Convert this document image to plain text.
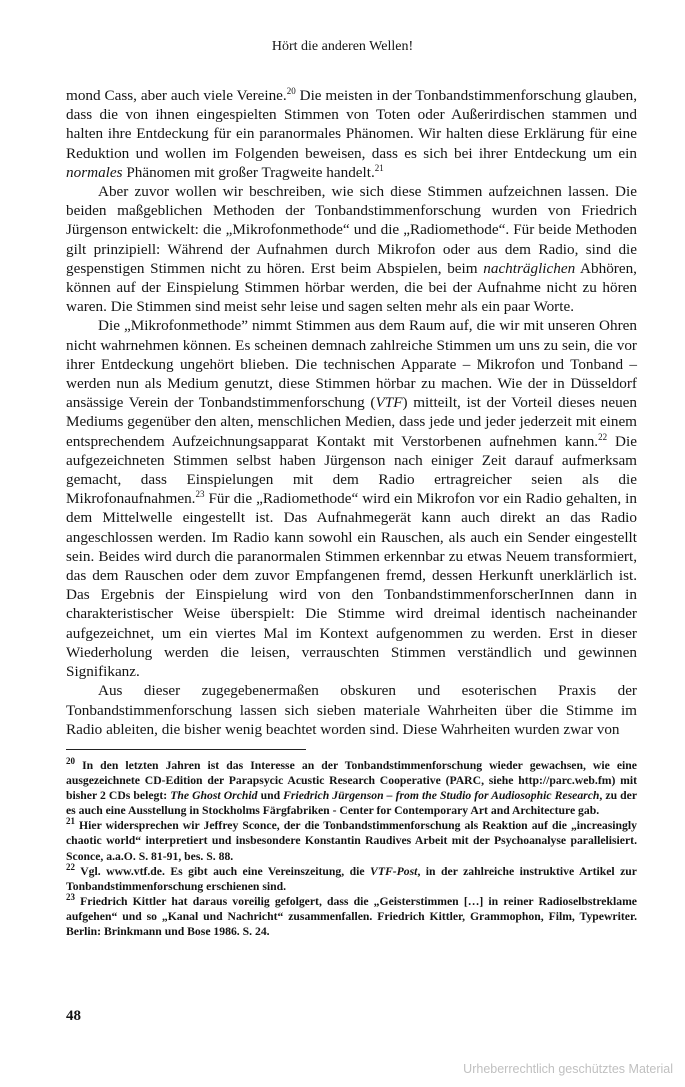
Hört die anderen Wellen!

mond Cass, aber auch viele Vereine.$^{20}$ Die meisten in der Tonbandstimmenforschung glauben, dass die von ihnen eingespielten Stimmen von Toten oder Außerirdischen stammen und halten ihre Entdeckung für ein paranormales Phänomen. Wir halten diese Erklärung für eine Reduktion und wollen im Folgenden beweisen, dass es sich bei ihrer Entdeckung um ein normales Phänomen mit großer Tragweite handelt.$^{21}$

Aber zuvor wollen wir beschreiben, wie sich diese Stimmen aufzeichnen lassen. Die beiden maßgeblichen Methoden der Tonbandstimmenforschung wurden von Friedrich Jürgenson entwickelt: die „Mikrofonmethode“ und die „Radiomethode“. Für beide Methoden gilt prinzipiell: Während der Aufnahmen durch Mikrofon oder aus dem Radio, sind die gespenstigen Stimmen nicht zu hören. Erst beim Abspielen, beim nachträglichen Abhören, können auf der Einspielung Stimmen hörbar werden, die bei der Aufnahme nicht zu hören waren. Die Stimmen sind meist sehr leise und sagen selten mehr als ein paar Worte.

Die „Mikrofonmethode” nimmt Stimmen aus dem Raum auf, die wir mit unseren Ohren nicht wahrnehmen können. Es scheinen demnach zahlreiche Stimmen um uns zu sein, die vor ihrer Entdeckung ungehört blieben. Die technischen Apparate – Mikrofon und Tonband – werden nun als Medium genutzt, diese Stimmen hörbar zu machen. Wie der in Düsseldorf ansässige Verein der Tonbandstimmenforschung (VTF) mitteilt, ist der Vorteil dieses neuen Mediums gegenüber den alten, menschlichen Medien, dass jede und jeder jederzeit mit einem entsprechendem Aufzeichnungsapparat Kontakt mit Verstorbenen aufnehmen kann.$^{22}$ Die aufgezeichneten Stimmen selbst haben Jürgenson nach einiger Zeit darauf aufmerksam gemacht, dass Einspielungen mit dem Radio ertragreicher seien als die Mikrofonaufnahmen.$^{23}$ Für die „Radiomethode“ wird ein Mikrofon vor ein Radio gehalten, in dem Mittelwelle eingestellt ist. Das Aufnahmegerät kann auch direkt an das Radio angeschlossen werden. Im Radio kann sowohl ein Rauschen, als auch ein Sender eingestellt sein. Beides wird durch die paranormalen Stimmen erkennbar zu etwas Neuem transformiert, das dem Rauschen oder dem zuvor Empfangenen fremd, dessen Herkunft unerklärlich ist. Das Ergebnis der Einspielung wird von den TonbandstimmenforscherInnen dann in charakteristischer Weise überspielt: Die Stimme wird dreimal identisch nacheinander aufgezeichnet, um ein viertes Mal im Kontext aufgenommen zu werden. Erst in dieser Wiederholung werden die leisen, verrauschten Stimmen verständlich und gewinnen Signifikanz.

Aus dieser zugegebenermaßen obskuren und esoterischen Praxis der Tonbandstimmenforschung lassen sich sieben materiale Wahrheiten über die Stimme im Radio ableiten, die bisher wenig beachtet worden sind. Diese Wahrheiten wurden zwar von

$^{20}$ In den letzten Jahren ist das Interesse an der Tonbandstimmenforschung wieder gewachsen, wie eine ausgezeichnete CD-Edition der Parapsycic Acustic Research Cooperative (PARC, siehe http://parc.web.fm) mit bisher 2 CDs belegt: The Ghost Orchid und Friedrich Jürgenson – from the Studio for Audiosophic Research, zu der es auch eine Ausstellung in Stockholms Färgfabriken - Center for Contemporary Art and Architecture gab.

$^{21}$ Hier widersprechen wir Jeffrey Sconce, der die Tonbandstimmenforschung als Reaktion auf die „increasingly chaotic world“ interpretiert und insbesondere Konstantin Raudives Arbeit mit der Psychoanalyse parallelisiert. Sconce, a.a.O. S. 81-91, bes. S. 88.

$^{22}$ Vgl. www.vtf.de. Es gibt auch eine Vereinszeitung, die VTF-Post, in der zahlreiche instruktive Artikel zur Tonbandstimmenforschung erschienen sind.

$^{23}$ Friedrich Kittler hat daraus voreilig gefolgert, dass die „Geisterstimmen […] in reiner Radioselbstreklame aufgehen“ und so „Kanal und Nachricht“ zusammenfallen. Friedrich Kittler, Grammophon, Film, Typewriter. Berlin: Brinkmann und Bose 1986. S. 24.

48
Urheberrechtlich geschütztes Material
